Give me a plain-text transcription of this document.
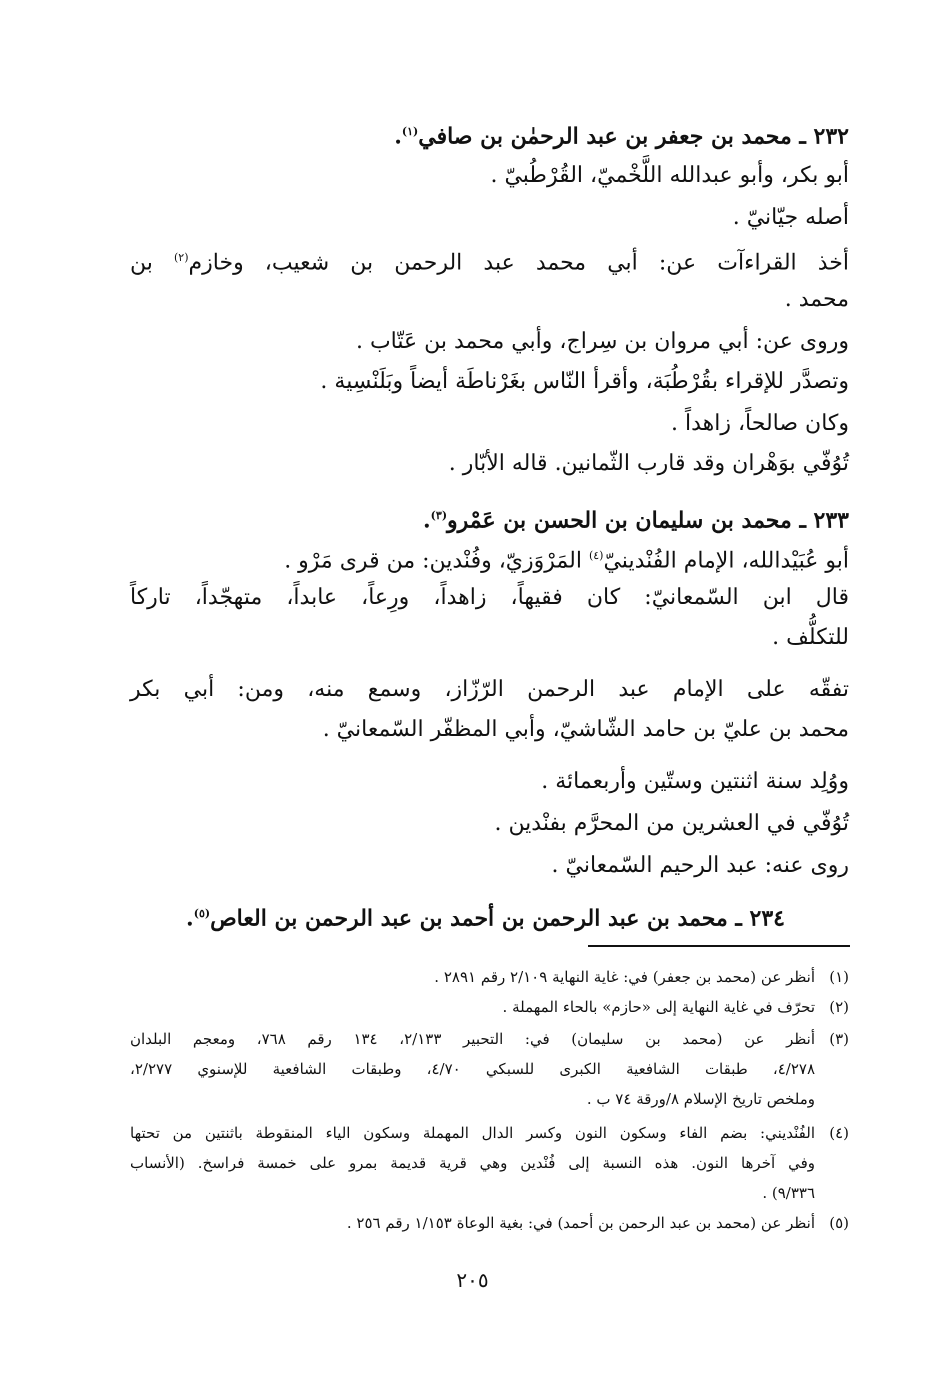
٢٣٢ ـ محمد بن جعفر بن عبد الرحمٰن بن صافي$^{(١)}$.
أبو بكر، وأبو عبدالله اللَّخْميّ، القُرْطُبيّ .
أصله جيّانيّ .
أخذ القراءآت عن: أبي محمد عبد الرحمن بن شعيب، وخازم$^{(٢)}$ بن
محمد .
وروى عن: أبي مروان بن سِراج، وأبي محمد بن عَتّاب .
وتصدَّر للإقراء بقُرْطُبَة، وأقرأ النّاس بغَرْناطَة أيضاً وبَلَنْسِية .
وكان صالحاً، زاهداً .
تُوُفّي بوَهْران وقد قارب الثّمانين. قاله الأبّار .
٢٣٣ ـ محمد بن سليمان بن الحسن بن عَمْرو$^{(٣)}$.
أبو عُبَيْدالله، الإمام الفُنْدينيّ$^{(٤)}$ المَرْوَزيّ، وفُنْدين: من قرى مَرْو .
قال ابن السّمعانيّ: كان فقيهاً، زاهداً، ورِعاً، عابداً، متهجّداً، تاركاً
للتكلُّف .
تفقّه على الإمام عبد الرحمن الرّزّاز، وسمع منه، ومن: أبي بكر
محمد بن عليّ بن حامد الشّاشيّ، وأبي المظفّر السّمعانيّ .
ووُلِد سنة اثنتين وستّين وأربعمائة .
تُوُفّي في العشرين من المحرَّم بفنْدين .
روى عنه: عبد الرحيم السّمعانيّ .
٢٣٤ ـ محمد بن عبد الرحمن بن أحمد بن عبد الرحمن بن العاص$^{(٥)}$.
(١)
أنظر عن (محمد بن جعفر) في: غاية النهاية ٢/١٠٩ رقم ٢٨٩١ .
(٢)
تحرّف في غاية النهاية إلى «حازم» بالحاء المهملة .
(٣)
أنظر عن (محمد بن سليمان) في: التحبير ٢/١٣٣، ١٣٤ رقم ٧٦٨، ومعجم البلدان
٤/٢٧٨، طبقات الشافعية الكبرى للسبكي ٤/٧٠، وطبقات الشافعية للإسنوي ٢/٢٧٧،
وملخص تاريخ الإسلام ٨/ورقة ٧٤ ب .
(٤)
الفُنْديني: بضم الفاء وسكون النون وكسر الدال المهملة وسكون الياء المنقوطة باثنتين من تحتها
وفي آخرها النون. هذه النسبة إلى فُنْدين وهي قرية قديمة بمرو على خمسة فراسخ. (الأنساب
٩/٣٣٦) .
(٥)
أنظر عن (محمد بن عبد الرحمن بن أحمد) في: بغية الوعاة ١/١٥٣ رقم ٢٥٦ .
٢٠٥
